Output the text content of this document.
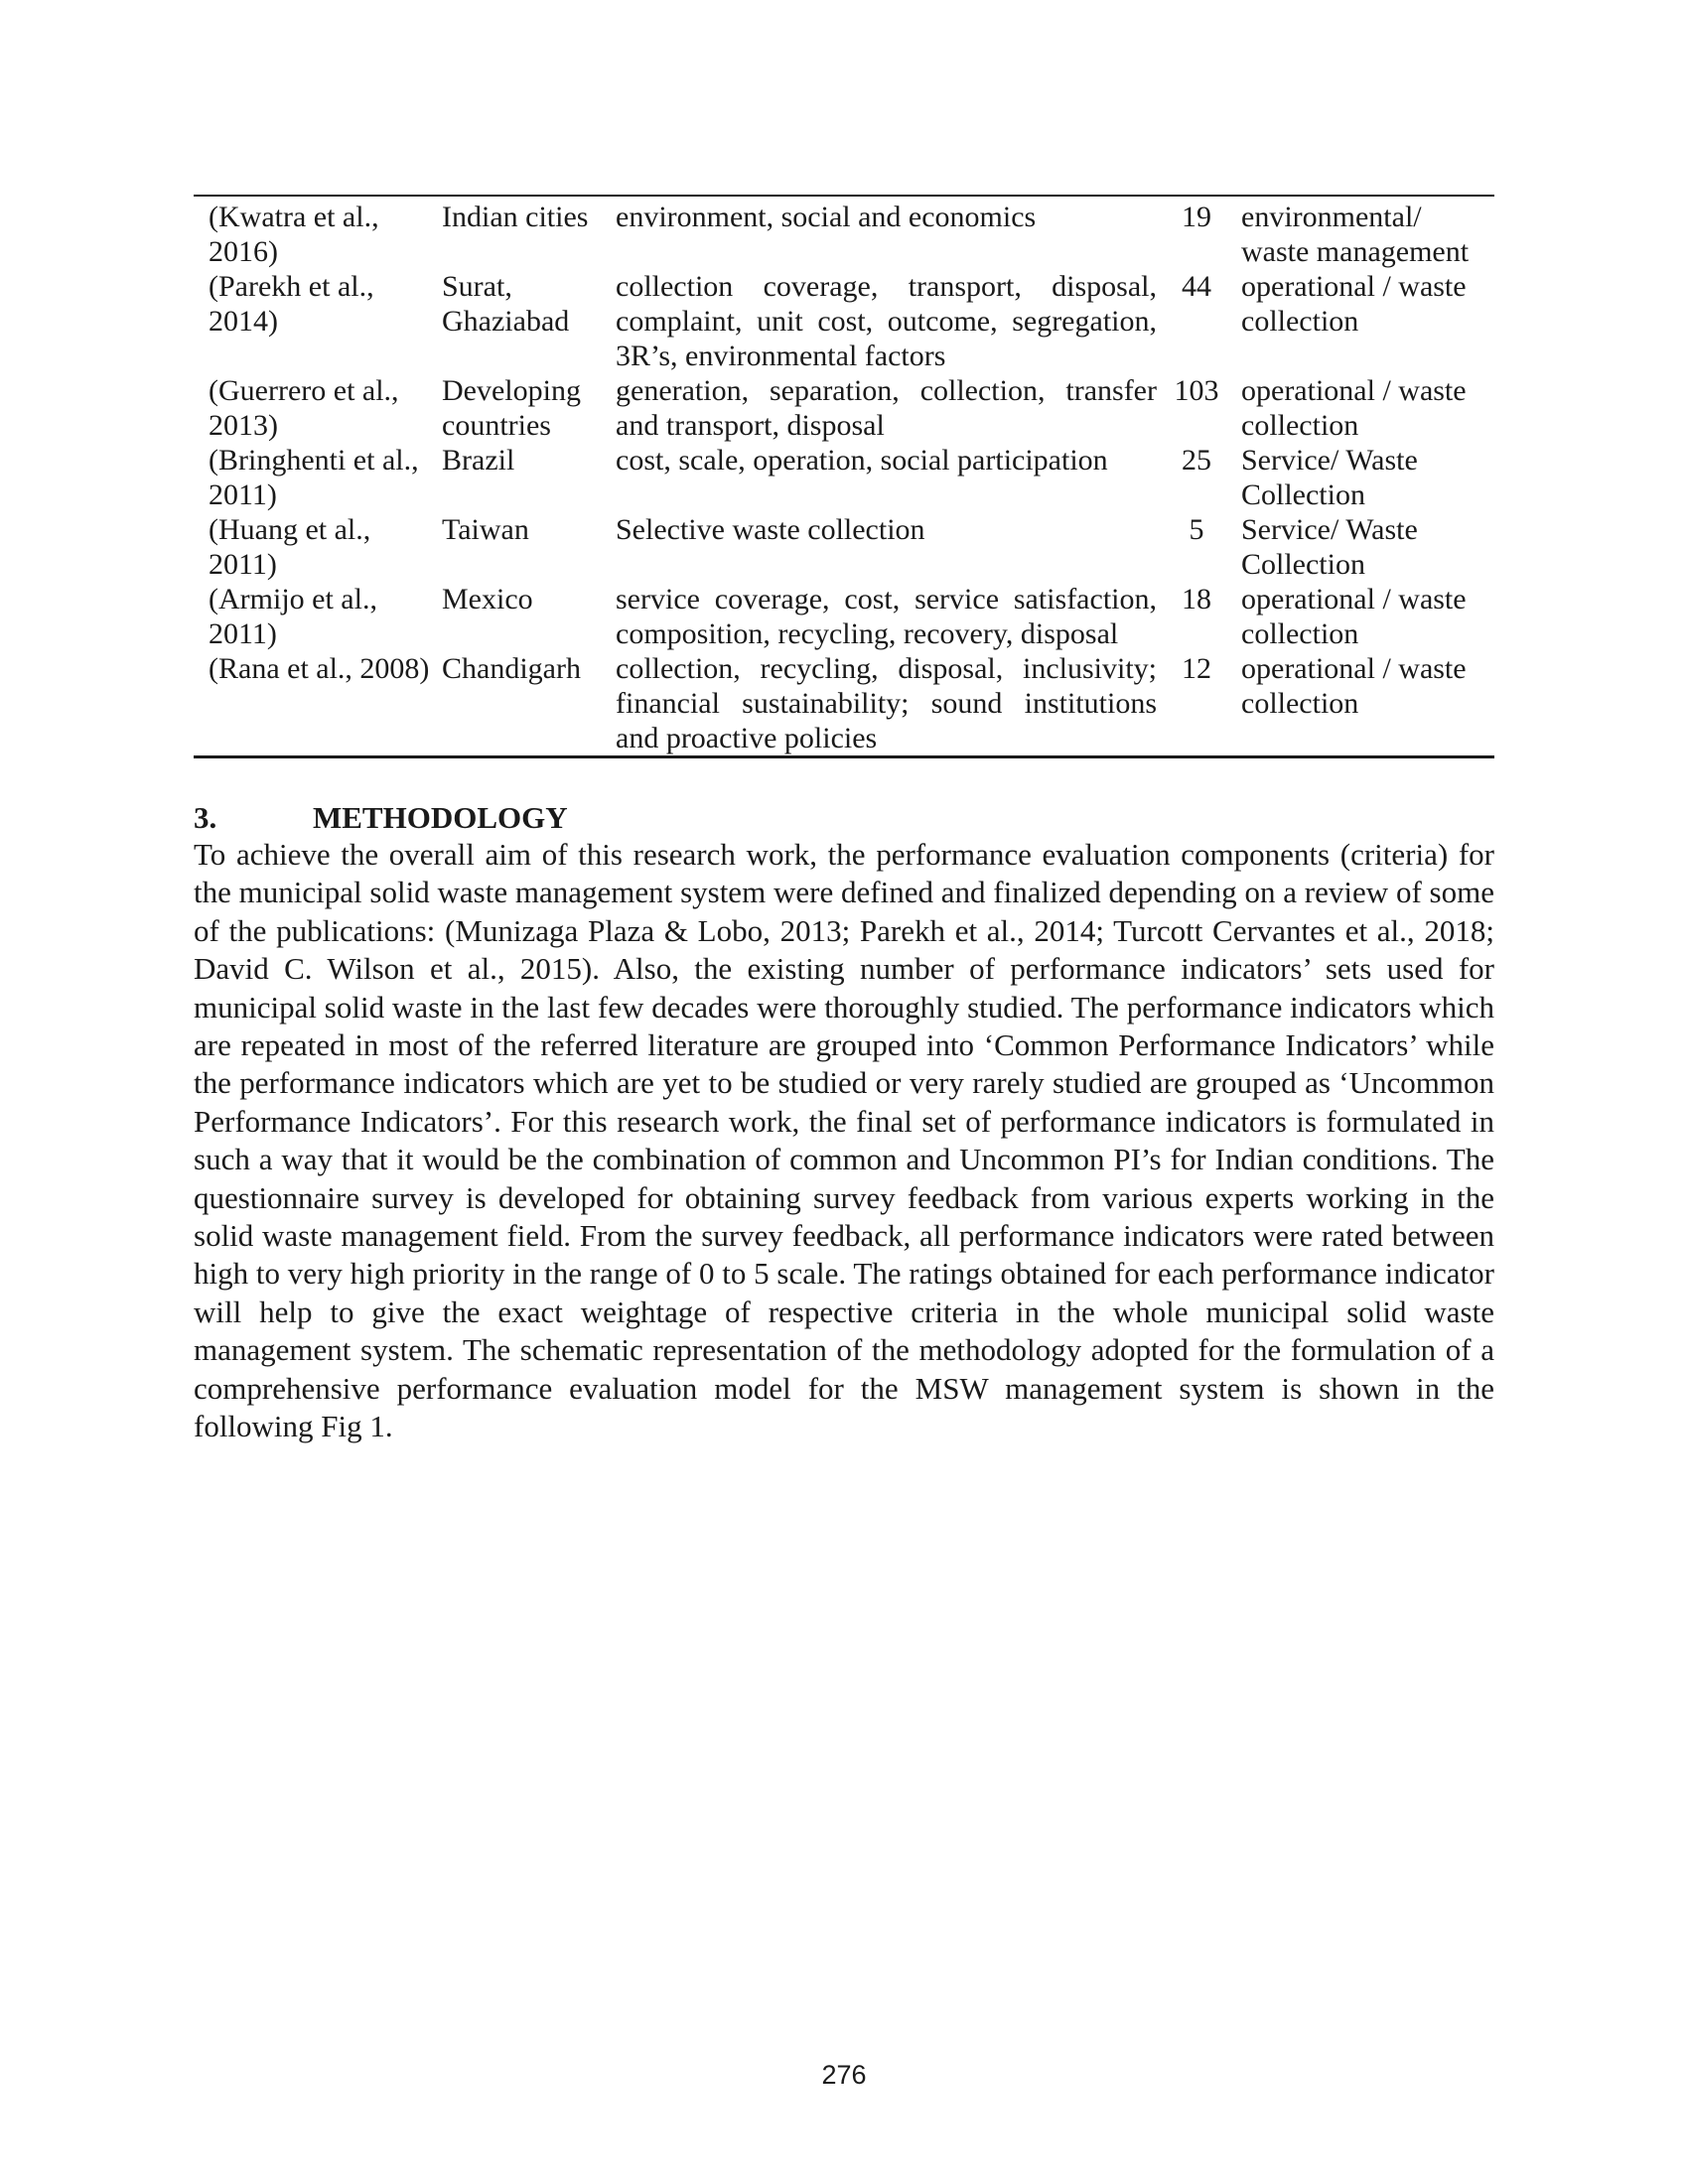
(Kwatra et al., 2016)	Indian cities	environment, social and economics	19	environmental/ waste management
(Parekh et al., 2014)	Surat, Ghaziabad	collection coverage, transport, disposal, complaint, unit cost, outcome, segregation, 3R’s, environmental factors	44	operational / waste collection
(Guerrero et al., 2013)	Developing countries	generation, separation, collection, transfer and transport, disposal	103	operational / waste collection
(Bringhenti et al., 2011)	Brazil	cost, scale, operation, social participation	25	Service/ Waste Collection
(Huang et al., 2011)	Taiwan	Selective waste collection	5	Service/ Waste Collection
(Armijo et al., 2011)	Mexico	service coverage, cost, service satisfaction, composition, recycling, recovery, disposal	18	operational / waste collection
(Rana et al., 2008)	Chandigarh	collection, recycling, disposal, inclusivity; financial sustainability; sound institutions and proactive policies	12	operational / waste collection
3.	METHODOLOGY

To achieve the overall aim of this research work, the performance evaluation components (criteria) for the municipal solid waste management system were defined and finalized depending on a review of some of the publications: (Munizaga Plaza & Lobo, 2013; Parekh et al., 2014; Turcott Cervantes et al., 2018; David C. Wilson et al., 2015). Also, the existing number of performance indicators’ sets used for municipal solid waste in the last few decades were thoroughly studied. The performance indicators which are repeated in most of the referred literature are grouped into ‘Common Performance Indicators’ while the performance indicators which are yet to be studied or very rarely studied are grouped as ‘Uncommon Performance Indicators’. For this research work, the final set of performance indicators is formulated in such a way that it would be the combination of common and Uncommon PI’s for Indian conditions. The questionnaire survey is developed for obtaining survey feedback from various experts working in the solid waste management field. From the survey feedback, all performance indicators were rated between high to very high priority in the range of 0 to 5 scale. The ratings obtained for each performance indicator will help to give the exact weightage of respective criteria in the whole municipal solid waste management system. The schematic representation of the methodology adopted for the formulation of a comprehensive performance evaluation model for the MSW management system is shown in the following Fig 1.

276
